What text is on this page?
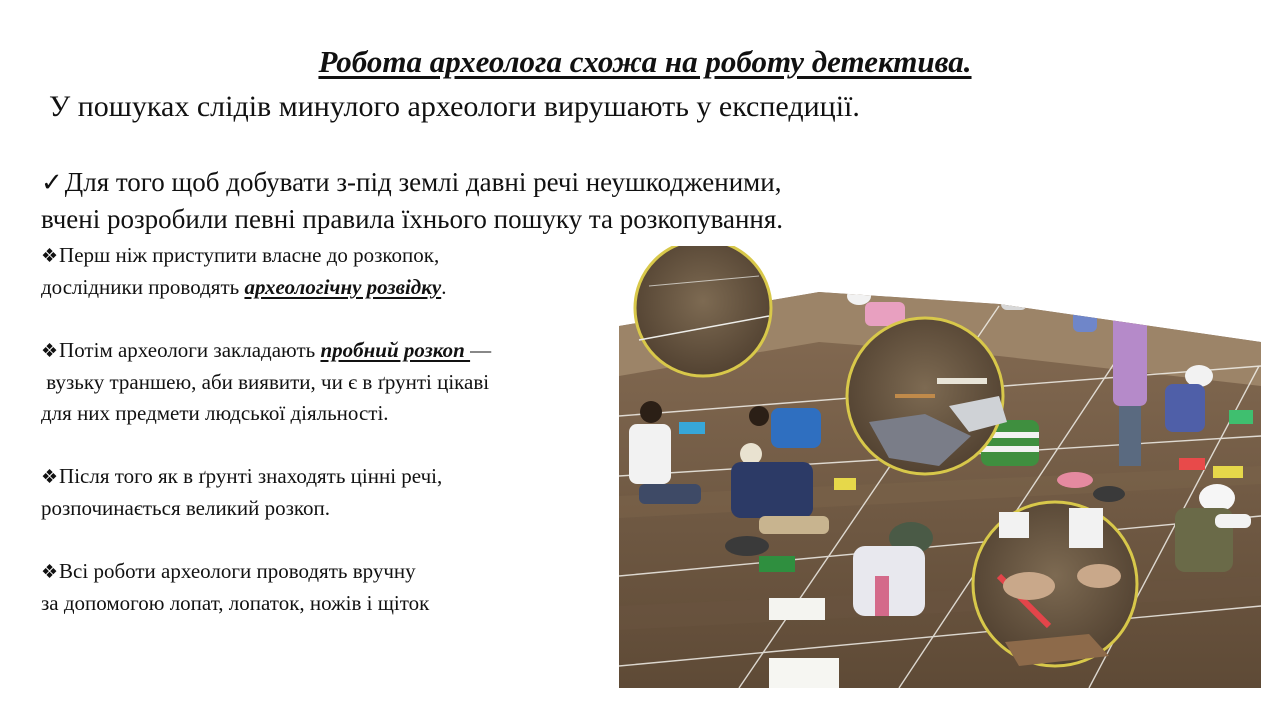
Робота археолога схожа на роботу детектива.
У пошуках слідів минулого археологи вирушають у експедиції.
✓Для того щоб добувати з-під землі давні речі неушкодженими,
вчені розробили певні правила їхнього пошуку та розкопування.
❖Перш ніж приступити власне до розкопок,
дослідники проводять археологічну розвідку.
❖Потім археологи закладають пробний розкоп —
вузьку траншею, аби виявити, чи є в ґрунті цікаві
для них предмети людської діяльності.
❖Після того як в ґрунті знаходять цінні речі,
розпочинається великий розкоп.
❖Всі роботи археологи проводять вручну
за допомогою лопат, лопаток, ножів і щіток
